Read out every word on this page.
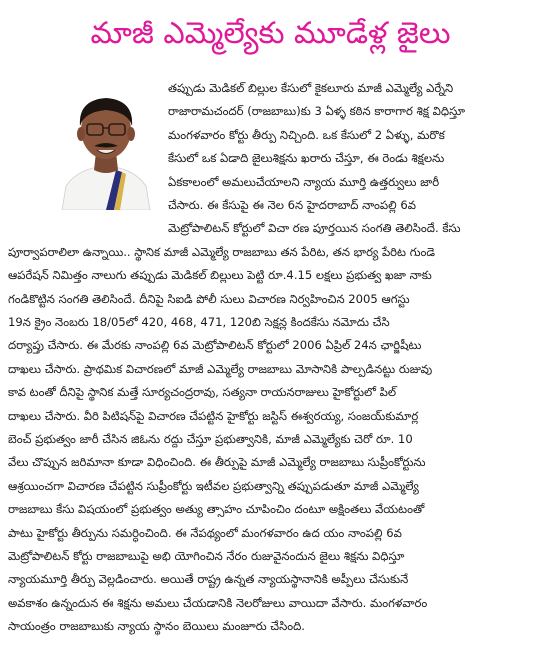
మాజీ ఎమ్మెల్యేకు మూడేళ్ల జైలు
తప్పుడు మెడికల్ బిల్లుల కేసులో కైకలూరు మాజీ ఎమ్మెల్యే ఎర్నేని
రాజారామచందర్ (రాజబాబు)కు 3 ఏళ్ళ కఠిన కారాగార శిక్ష విధిస్తూ
మంగళవారం కోర్టు తీర్పు నిచ్చింది. ఒక కేసులో 2 ఏళ్ళు, మరొక
కేసులో ఒక ఏడాది జైలుశిక్షను ఖరారు చేస్తూ, ఈ రెండు శిక్షలను
ఏకకాలంలో అమలుచేయాలని న్యాయ మూర్తి ఉత్తర్వులు జారీ
చేసారు. ఈ కేసుపై ఈ నెల 6న హైదరాబాద్ నాంపల్లి 6వ
మెట్రోపాలిటన్ కోర్టులో విచా రణ పూర్తయిన సంగతి తెలిసిందే. కేసు
పూర్వాపరాలిలా ఉన్నాయి.. స్థానిక మాజీ ఎమ్మెల్యే రాజబాబు తన పేరిట, తన భార్య పేరిట గుండె
ఆపరేషన్ నిమిత్తం నాలుగు తప్పుడు మెడికల్ బిల్లులు పెట్టి రూ.4.15 లక్షలు ప్రభుత్వ ఖజా నాకు
గండికొట్టిన సంగతి తెలిసిందే. దీనిపై సిఐడి పోలీ సులు విచారణ నిర్వహించిన 2005 ఆగస్టు
19న క్రైం నెంబరు 18/05లో 420, 468, 471, 120బి సెక్షన్ల కిందకేసు నమోదు చేసి
దర్యాప్తు చేసారు. ఈ మేరకు నాంపల్లి 6వ మెట్రోపాలిటన్ కోర్టులో 2006 ఏప్రిల్ 24న ఛార్జిషీటు
దాఖలు చేసారు. ప్రాథమిక విచారణలో మాజీ ఎమ్మెల్యే రాజబాబు మోసానికి పాల్పడినట్టు రుజువు
కావ టంతో దీనిపై స్థానిక మత్తే సూర్యచంద్రరావు, సత్యనా రాయనరాజులు హైకోర్టులో పిల్
దాఖలు చేసారు. వీరి పిటిషన్‌పై విచారణ చేపట్టిన హైకోర్టు జస్టిస్ ఈశ్వరయ్య, సంజయ్‌కుమార్ల
బెంచ్ ప్రభుత్వం జారీ చేసిన జిఓను రద్దు చేస్తూ ప్రభుత్వానికి, మాజీ ఎమ్మెల్యేకు చెరో రూ. 10
వేలు చొప్పున జరిమానా కూడా విధించింది. ఈ తీర్పుపై మాజీ ఎమ్మెల్యే రాజబాబు సుప్రీంకోర్టును
ఆశ్రయించగా విచారణ చేపట్టిన సుప్రీంకోర్టు ఇటీవల ప్రభుత్వాన్ని తప్పుపడుతూ మాజీ ఎమ్మెల్యే
రాజబాబు కేసు విషయంలో ప్రభుత్వం అత్యు త్సాహం చూపించిం దంటూ అక్షింతలు వేయటంతో
పాటు హైకోర్టు తీర్పును సమర్ధించింది. ఈ నేపథ్యంలో మంగళవారం ఉద యం నాంపల్లి 6వ
మెట్రోపాలిటన్ కోర్టు రాజబాబుపై అభి యోగించిన నేరం రుజువైనందున జైలు శిక్షను విధిస్తూ
న్యాయమూర్తి తీర్పు వెల్లడించారు. అయితే రాష్ట్ర ఉన్నత న్యాయస్థానానికి అప్పీలు చేసుకునే
అవకాశం ఉన్నందున ఈ శిక్షను అమలు చేయడానికి నెలరోజులు వాయిదా వేసారు. మంగళవారం
సాయంత్రం రాజబాబుకు న్యాయ స్థానం బెయిలు మంజూరు చేసింది.
